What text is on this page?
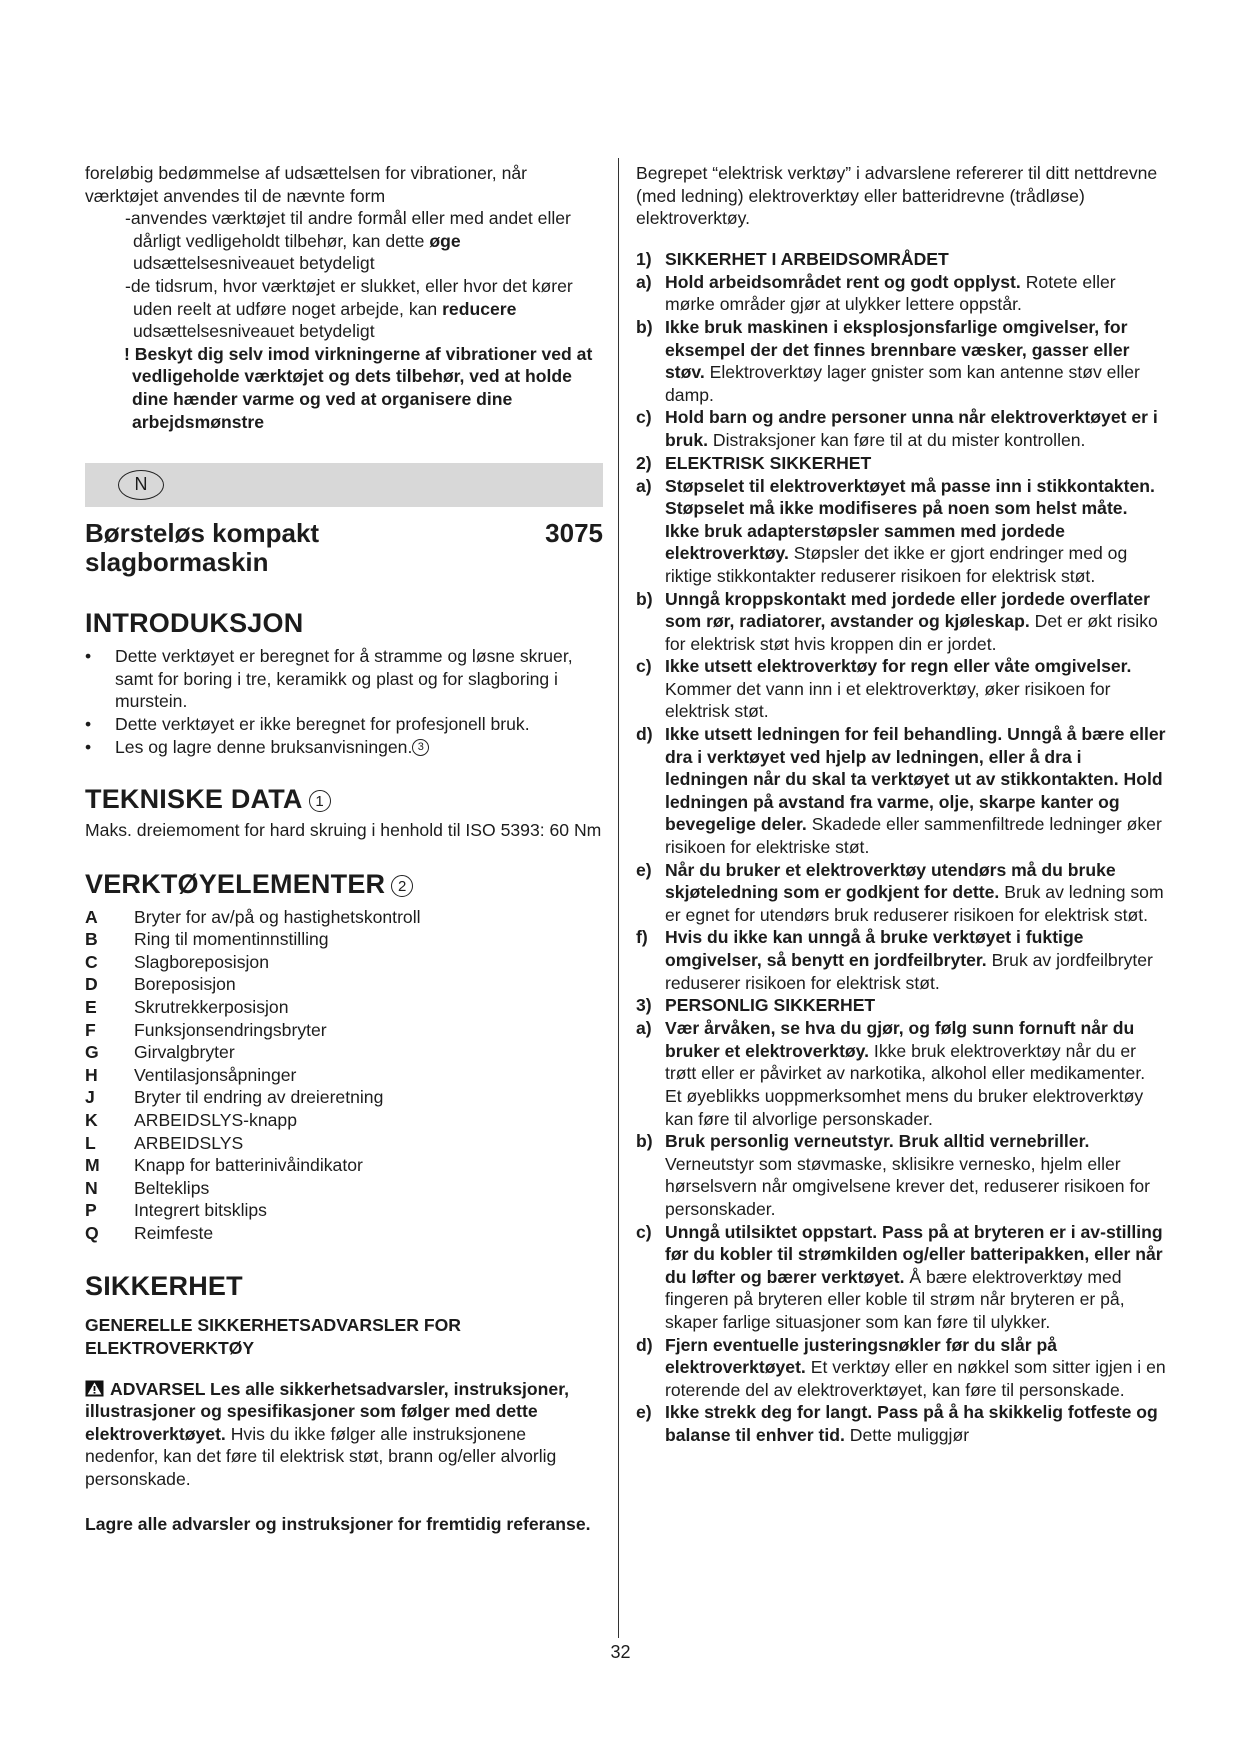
foreløbig bedømmelse af udsættelsen for vibrationer, når

værktøjet anvendes til de nævnte form

-anvendes værktøjet til andre formål eller med andet eller dårligt vedligeholdt tilbehør, kan dette øge udsættelsesniveauet betydeligt

-de tidsrum, hvor værktøjet er slukket, eller hvor det kører uden reelt at udføre noget arbejde, kan reducere udsættelsesniveauet betydeligt

! Beskyt dig selv imod virkningerne af vibrationer ved at vedligeholde værktøjet og dets tilbehør, ved at holde dine hænder varme og ved at organisere dine arbejdsmønstre

N
Børsteløs kompakt
slagbormaskin
3075
INTRODUKSJON
• Dette verktøyet er beregnet for å stramme og løsne skruer, samt for boring i tre, keramikk og plast og for slagboring i murstein.
• Dette verktøyet er ikke beregnet for profesjonell bruk.
• Les og lagre denne bruksanvisningen. 3
TEKNISKE DATA 1

Maks. dreiemoment for hard skruing i henhold til ISO 5393: 60 Nm

VERKTØYELEMENTER 2
A	Bryter for av/på og hastighetskontroll
B	Ring til momentinnstilling
C	Slagboreposisjon
D	Boreposisjon
E	Skrutrekkerposisjon
F	Funksjonsendringsbryter
G	Girvalgbryter
H	Ventilasjonsåpninger
J	Bryter til endring av dreieretning
K	ARBEIDSLYS-knapp
L	ARBEIDSLYS
M	Knapp for batterinivåindikator
N	Belteklips
P	Integrert bitsklips
Q	Reimfeste
SIKKERHET

GENERELLE SIKKERHETSADVARSLER FOR ELEKTROVERKTØY

ADVARSEL Les alle sikkerhetsadvarsler, instruksjoner, illustrasjoner og spesifikasjoner som følger med dette elektroverktøyet. Hvis du ikke følger alle instruksjonene nedenfor, kan det føre til elektrisk støt, brann og/eller alvorlig personskade.

Lagre alle advarsler og instruksjoner for fremtidig referanse.

Begrepet “elektrisk verktøy” i advarslene refererer til ditt nettdrevne (med ledning) elektroverktøy eller batteridrevne (trådløse) elektroverktøy.

1) SIKKERHET I ARBEIDSOMRÅDET

a) Hold arbeidsområdet rent og godt opplyst. Rotete eller mørke områder gjør at ulykker lettere oppstår.

b) Ikke bruk maskinen i eksplosjonsfarlige omgivelser, for eksempel der det finnes brennbare væsker, gasser eller støv. Elektroverktøy lager gnister som kan antenne støv eller damp.

c) Hold barn og andre personer unna når elektroverktøyet er i bruk. Distraksjoner kan føre til at du mister kontrollen.

2) ELEKTRISK SIKKERHET

a) Støpselet til elektroverktøyet må passe inn i stikkontakten. Støpselet må ikke modifiseres på noen som helst måte. Ikke bruk adapterstøpsler sammen med jordede elektroverktøy. Støpsler det ikke er gjort endringer med og riktige stikkontakter reduserer risikoen for elektrisk støt.

b) Unngå kroppskontakt med jordede eller jordede overflater som rør, radiatorer, avstander og kjøleskap. Det er økt risiko for elektrisk støt hvis kroppen din er jordet.

c) Ikke utsett elektroverktøy for regn eller våte omgivelser. Kommer det vann inn i et elektroverktøy, øker risikoen for elektrisk støt.

d) Ikke utsett ledningen for feil behandling. Unngå å bære eller dra i verktøyet ved hjelp av ledningen, eller å dra i ledningen når du skal ta verktøyet ut av stikkontakten. Hold ledningen på avstand fra varme, olje, skarpe kanter og bevegelige deler. Skadede eller sammenfiltrede ledninger øker risikoen for elektriske støt.

e) Når du bruker et elektroverktøy utendørs må du bruke skjøteledning som er godkjent for dette. Bruk av ledning som er egnet for utendørs bruk reduserer risikoen for elektrisk støt.

f) Hvis du ikke kan unngå å bruke verktøyet i fuktige omgivelser, så benytt en jordfeilbryter. Bruk av jordfeilbryter reduserer risikoen for elektrisk støt.

3) PERSONLIG SIKKERHET

a) Vær årvåken, se hva du gjør, og følg sunn fornuft når du bruker et elektroverktøy. Ikke bruk elektroverktøy når du er trøtt eller er påvirket av narkotika, alkohol eller medikamenter. Et øyeblikks uoppmerksomhet mens du bruker elektroverktøy kan føre til alvorlige personskader.

b) Bruk personlig verneutstyr. Bruk alltid vernebriller. Verneutstyr som støvmaske, sklisikre vernesko, hjelm eller hørselsvern når omgivelsene krever det, reduserer risikoen for personskader.

c) Unngå utilsiktet oppstart. Pass på at bryteren er i av-stilling før du kobler til strømkilden og/eller batteripakken, eller når du løfter og bærer verktøyet. Å bære elektroverktøy med fingeren på bryteren eller koble til strøm når bryteren er på, skaper farlige situasjoner som kan føre til ulykker.

d) Fjern eventuelle justeringsnøkler før du slår på elektroverktøyet. Et verktøy eller en nøkkel som sitter igjen i en roterende del av elektroverktøyet, kan føre til personskade.

e) Ikke strekk deg for langt. Pass på å ha skikkelig fotfeste og balanse til enhver tid. Dette muliggjør

32
